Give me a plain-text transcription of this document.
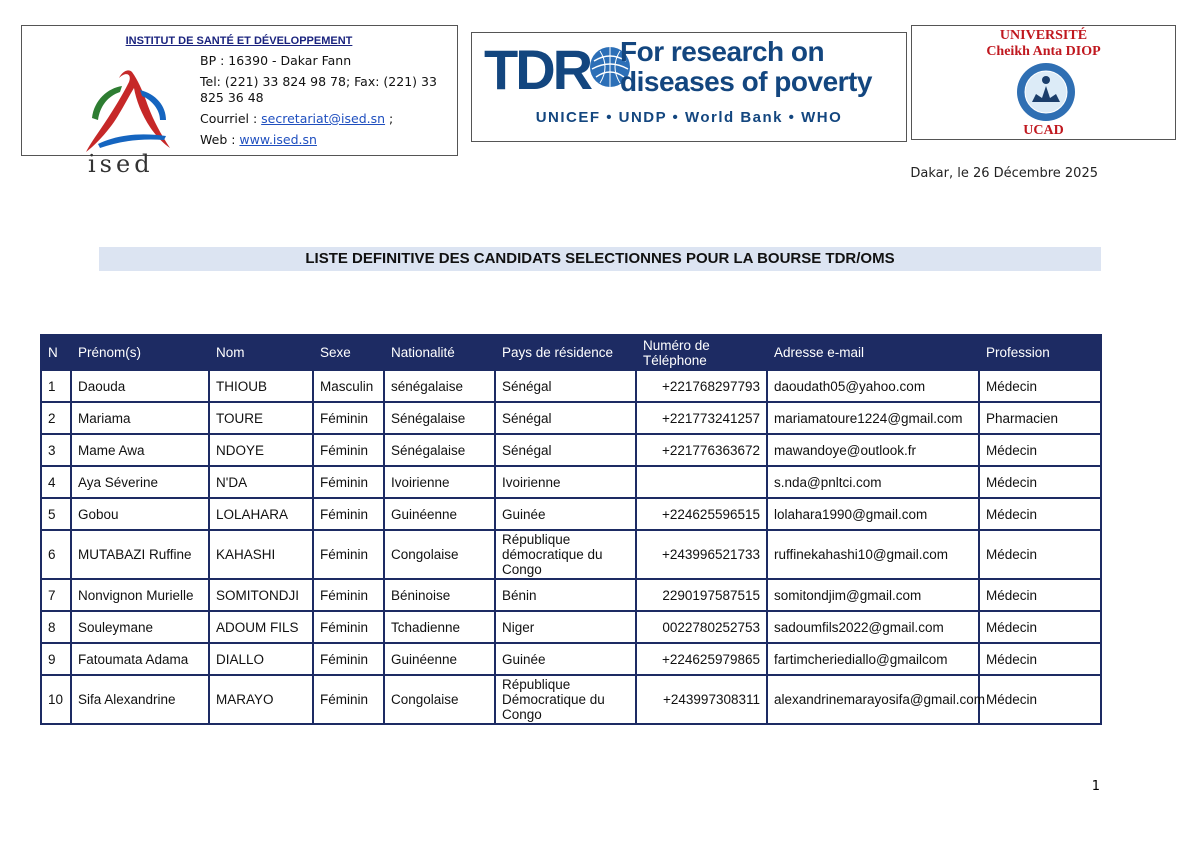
INSTITUT DE SANTÉ ET DÉVELOPPEMENT
ised
BP : 16390 - Dakar Fann
Tel: (221) 33 824 98 78; Fax: (221) 33 825 36 48
Courriel : secretariat@ised.sn ;
Web : www.ised.sn
TDR For research on diseases of poverty
UNICEF • UNDP • World Bank • WHO
UNIVERSITÉ
Cheikh Anta DIOP
UCAD
Dakar, le 26 Décembre 2025
LISTE DEFINITIVE DES CANDIDATS SELECTIONNES POUR LA BOURSE TDR/OMS
N	Prénom(s)	Nom	Sexe	Nationalité	Pays de résidence	Numéro de Téléphone	Adresse e-mail	Profession
1	Daouda	THIOUB	Masculin	sénégalaise	Sénégal	+221768297793	daoudath05@yahoo.com	Médecin
2	Mariama	TOURE	Féminin	Sénégalaise	Sénégal	+221773241257	mariamatoure1224@gmail.com	Pharmacien
3	Mame Awa	NDOYE	Féminin	Sénégalaise	Sénégal	+221776363672	mawandoye@outlook.fr	Médecin
4	Aya Séverine	N'DA	Féminin	Ivoirienne	Ivoirienne		s.nda@pnltci.com	Médecin
5	Gobou	LOLAHARA	Féminin	Guinéenne	Guinée	+224625596515	lolahara1990@gmail.com	Médecin
6	MUTABAZI Ruffine	KAHASHI	Féminin	Congolaise	République démocratique du Congo	+243996521733	ruffinekahashi10@gmail.com	Médecin
7	Nonvignon Murielle	SOMITONDJI	Féminin	Béninoise	Bénin	2290197587515	somitondjim@gmail.com	Médecin
8	Souleymane	ADOUM FILS	Féminin	Tchadienne	Niger	0022780252753	sadoumfils2022@gmail.com	Médecin
9	Fatoumata Adama	DIALLO	Féminin	Guinéenne	Guinée	+224625979865	fartimcheriediallo@gmailcom	Médecin
10	Sifa Alexandrine	MARAYO	Féminin	Congolaise	République Démocratique du Congo	+243997308311	alexandrinemarayosifa@gmail.com	Médecin
1
